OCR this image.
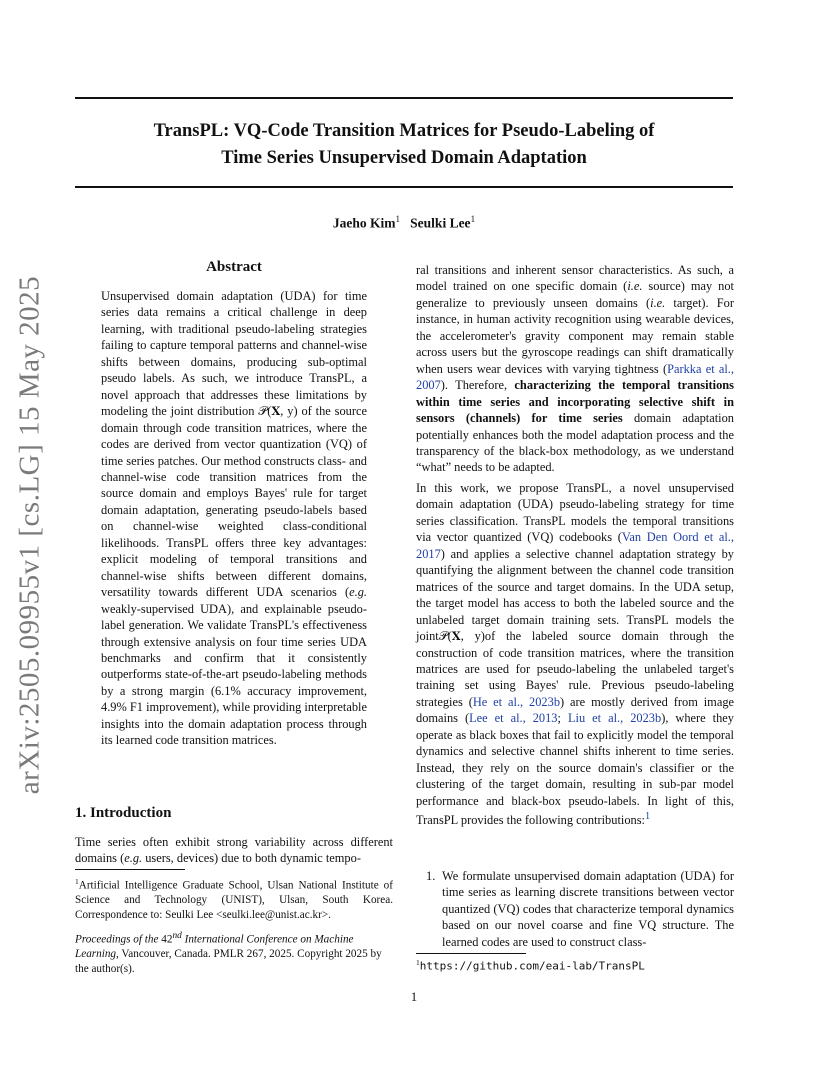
TransPL: VQ-Code Transition Matrices for Pseudo-Labeling of
Time Series Unsupervised Domain Adaptation
Jaeho Kim$^1$ Seulki Lee$^1$
arXiv:2505.09955v1 [cs.LG] 15 May 2025
Abstract
Unsupervised domain adaptation (UDA) for time series data remains a critical challenge in deep learning, with traditional pseudo-labeling strategies failing to capture temporal patterns and channel-wise shifts between domains, producing sub-optimal pseudo labels. As such, we introduce TransPL, a novel approach that addresses these limitations by modeling the joint distribution 𝒫(𝐗, y) of the source domain through code transition matrices, where the codes are derived from vector quantization (VQ) of time series patches. Our method constructs class- and channel-wise code transition matrices from the source domain and employs Bayes' rule for target domain adaptation, generating pseudo-labels based on channel-wise weighted class-conditional likelihoods. TransPL offers three key advantages: explicit modeling of temporal transitions and channel-wise shifts between different domains, versatility towards different UDA scenarios (e.g. weakly-supervised UDA), and explainable pseudo-label generation. We validate TransPL's effectiveness through extensive analysis on four time series UDA benchmarks and confirm that it consistently outperforms state-of-the-art pseudo-labeling methods by a strong margin (6.1% accuracy improvement, 4.9% F1 improvement), while providing interpretable insights into the domain adaptation process through its learned code transition matrices.
1. Introduction
Time series often exhibit strong variability across different domains (e.g. users, devices) due to both dynamic tempo-
$^1$Artificial Intelligence Graduate School, Ulsan National Institute of Science and Technology (UNIST), Ulsan, South Korea. Correspondence to: Seulki Lee <seulki.lee@unist.ac.kr>.
Proceedings of the 42nd International Conference on Machine Learning, Vancouver, Canada. PMLR 267, 2025. Copyright 2025 by the author(s).
ral transitions and inherent sensor characteristics. As such, a model trained on one specific domain (i.e. source) may not generalize to previously unseen domains (i.e. target). For instance, in human activity recognition using wearable devices, the accelerometer's gravity component may remain stable across users but the gyroscope readings can shift dramatically when users wear devices with varying tightness (Parkka et al., 2007). Therefore, characterizing the temporal transitions within time series and incorporating selective shift in sensors (channels) for time series domain adaptation potentially enhances both the model adaptation process and the transparency of the black-box methodology, as we understand “what” needs to be adapted.
In this work, we propose TransPL, a novel unsupervised domain adaptation (UDA) pseudo-labeling strategy for time series classification. TransPL models the temporal transitions via vector quantized (VQ) codebooks (Van Den Oord et al., 2017) and applies a selective channel adaptation strategy by quantifying the alignment between the channel code transition matrices of the source and target domains. In the UDA setup, the target model has access to both the labeled source and the unlabeled target domain training sets. TransPL models the joint𝒫(𝐗, y)of the labeled source domain through the construction of code transition matrices, where the transition matrices are used for pseudo-labeling the unlabeled target's training set using Bayes' rule. Previous pseudo-labeling strategies (He et al., 2023b) are mostly derived from image domains (Lee et al., 2013; Liu et al., 2023b), where they operate as black boxes that fail to explicitly model the temporal dynamics and selective channel shifts inherent to time series. Instead, they rely on the source domain's classifier or the clustering of the target domain, resulting in sub-par model performance and black-box pseudo-labels. In light of this, TransPL provides the following contributions:$^1$
1. We formulate unsupervised domain adaptation (UDA) for time series as learning discrete transitions between vector quantized (VQ) codes that characterize temporal dynamics based on our novel coarse and fine VQ structure. The learned codes are used to construct class-
$^1$https://github.com/eai-lab/TransPL
1
